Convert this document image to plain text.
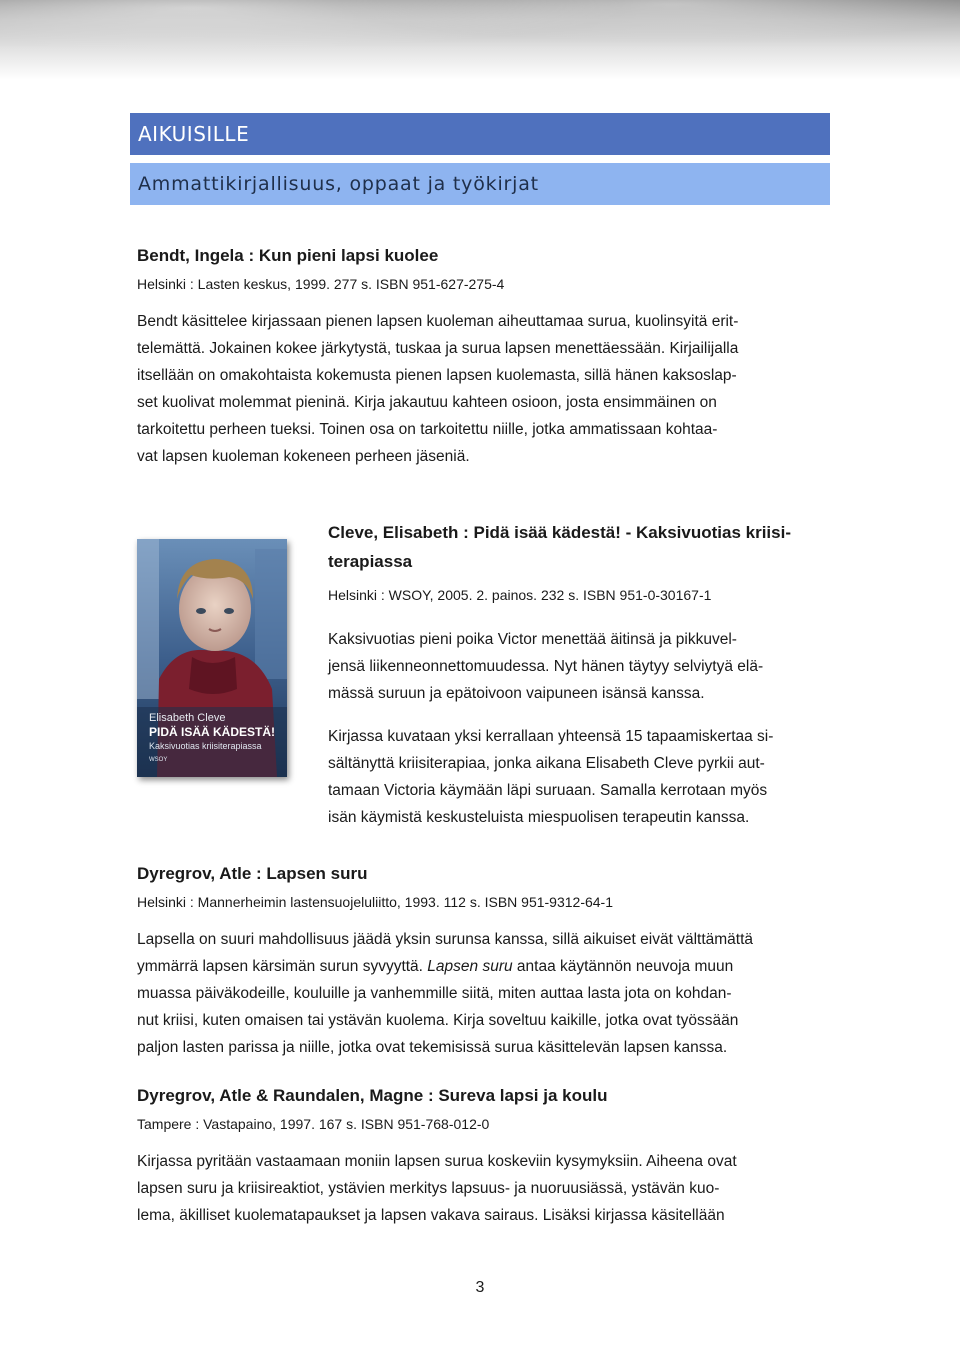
AIKUISILLE
Ammattikirjallisuus, oppaat ja työkirjat

Bendt, Ingela : Kun pieni lapsi kuolee

Helsinki : Lasten keskus, 1999. 277 s. ISBN 951-627-275-4

Bendt käsittelee kirjassaan pienen lapsen kuoleman aiheuttamaa surua, kuolinsyitä erit-
telemättä. Jokainen kokee järkytystä, tuskaa ja surua lapsen menettäessään. Kirjailijalla
itsellään on omakohtaista kokemusta pienen lapsen kuolemasta, sillä hänen kaksoslap-
set kuolivat molemmat pieninä. Kirja jakautuu kahteen osioon, josta ensimmäinen on
tarkoitettu perheen tueksi. Toinen osa on tarkoitettu niille, jotka ammatissaan kohtaa-
vat lapsen kuoleman kokeneen perheen jäseniä.
Elisabeth Cleve
PIDÄ ISÄÄ KÄDESTÄ!
Kaksivuotias kriisiterapiassa
WSOY

Cleve, Elisabeth : Pidä isää kädestä! - Kaksivuotias kriisi-
terapiassa

Helsinki : WSOY, 2005. 2. painos. 232 s. ISBN 951-0-30167-1

Kaksivuotias pieni poika Victor menettää äitinsä ja pikkuvel-
jensä liikenneonnettomuudessa. Nyt hänen täytyy selviytyä elä-
mässä suruun ja epätoivoon vaipuneen isänsä kanssa.
Kirjassa kuvataan yksi kerrallaan yhteensä 15 tapaamiskertaa si-
sältänyttä kriisiterapiaa, jonka aikana Elisabeth Cleve pyrkii aut-
tamaan Victoria käymään läpi suruaan. Samalla kerrotaan myös
isän käymistä keskusteluista miespuolisen terapeutin kanssa.

Dyregrov, Atle : Lapsen suru

Helsinki : Mannerheimin lastensuojeluliitto, 1993. 112 s. ISBN 951-9312-64-1

Lapsella on suuri mahdollisuus jäädä yksin surunsa kanssa, sillä aikuiset eivät välttämättä
ymmärrä lapsen kärsimän surun syvyyttä. Lapsen suru antaa käytännön neuvoja muun
muassa päiväkodeille, kouluille ja vanhemmille siitä, miten auttaa lasta jota on kohdan-
nut kriisi, kuten omaisen tai ystävän kuolema. Kirja soveltuu kaikille, jotka ovat työssään
paljon lasten parissa ja niille, jotka ovat tekemisissä surua käsittelevän lapsen kanssa.

Dyregrov, Atle & Raundalen, Magne : Sureva lapsi ja koulu

Tampere : Vastapaino, 1997. 167 s. ISBN 951-768-012-0

Kirjassa pyritään vastaamaan moniin lapsen surua koskeviin kysymyksiin. Aiheena ovat
lapsen suru ja kriisireaktiot, ystävien merkitys lapsuus- ja nuoruusiässä, ystävän kuo-
lema, äkilliset kuolematapaukset ja lapsen vakava sairaus. Lisäksi kirjassa käsitellään
3
